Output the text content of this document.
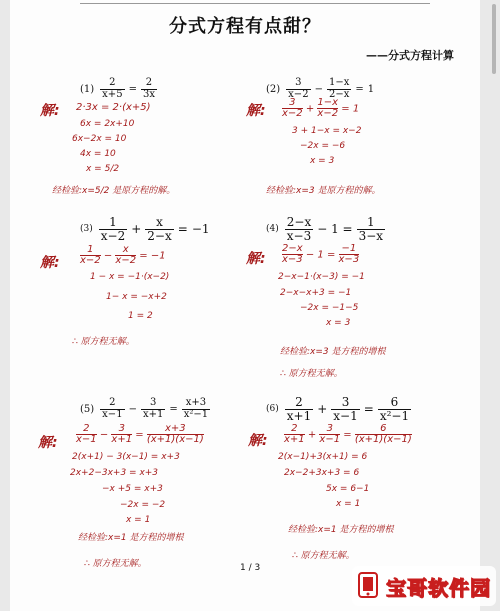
分式方程有点甜？
——分式方程计算
$(1) \frac{2}{x+5} = \frac{2}{3x}$
解: 2·3x = 2·(x+5)
6x = 2x+10
6x−2x = 10
4x = 10
x = 5/2
经检验:x=5/2 是原方程的解。
$(2) \frac{3}{x-2} - \frac{1-x}{2-x} = 1$
解: $\frac{3}{x-2} + \frac{1-x}{x-2} = 1$
3 + 1−x = x−2
−2x = −6
x = 3
经检验:x=3 是原方程的解。
$(3) \frac{1}{x-2} + \frac{x}{2-x} = -1$
解: $\frac{1}{x-2} - \frac{x}{x-2} = -1$
1 − x = −1·(x−2)
1− x = −x+2
1 = 2
∴ 原方程无解。
$(4) \frac{2-x}{x-3} - 1 = \frac{1}{3-x}$
解: $\frac{2-x}{x-3} - 1 = \frac{-1}{x-3}$
2−x−1·(x−3) = −1
2−x−x+3 = −1
−2x = −1−5
x = 3
经检验:x=3 是方程的增根
∴ 原方程无解。
$(5) \frac{2}{x-1} - \frac{3}{x+1} = \frac{x+3}{\text{x²−1}}$
解: $\frac{2}{x-1} - \frac{3}{x+1} = \frac{x+3}{(x+1)(x-1)}$
2(x+1) − 3(x−1) = x+3
2x+2−3x+3 = x+3
−x +5 = x+3
−2x = −2
x = 1
经检验:x=1 是方程的增根
∴ 原方程无解。
$(6) \frac{2}{x+1} + \frac{3}{x-1} = \frac{6}{\text{x²−1}}$
解: $\frac{2}{x+1} + \frac{3}{x-1} = \frac{6}{(x+1)(x-1)}$
2(x−1)+3(x+1) = 6
2x−2+3x+3 = 6
5x = 6−1
x = 1
经检验:x=1 是方程的增根
∴ 原方程无解。
1 / 3
宝哥软件园
